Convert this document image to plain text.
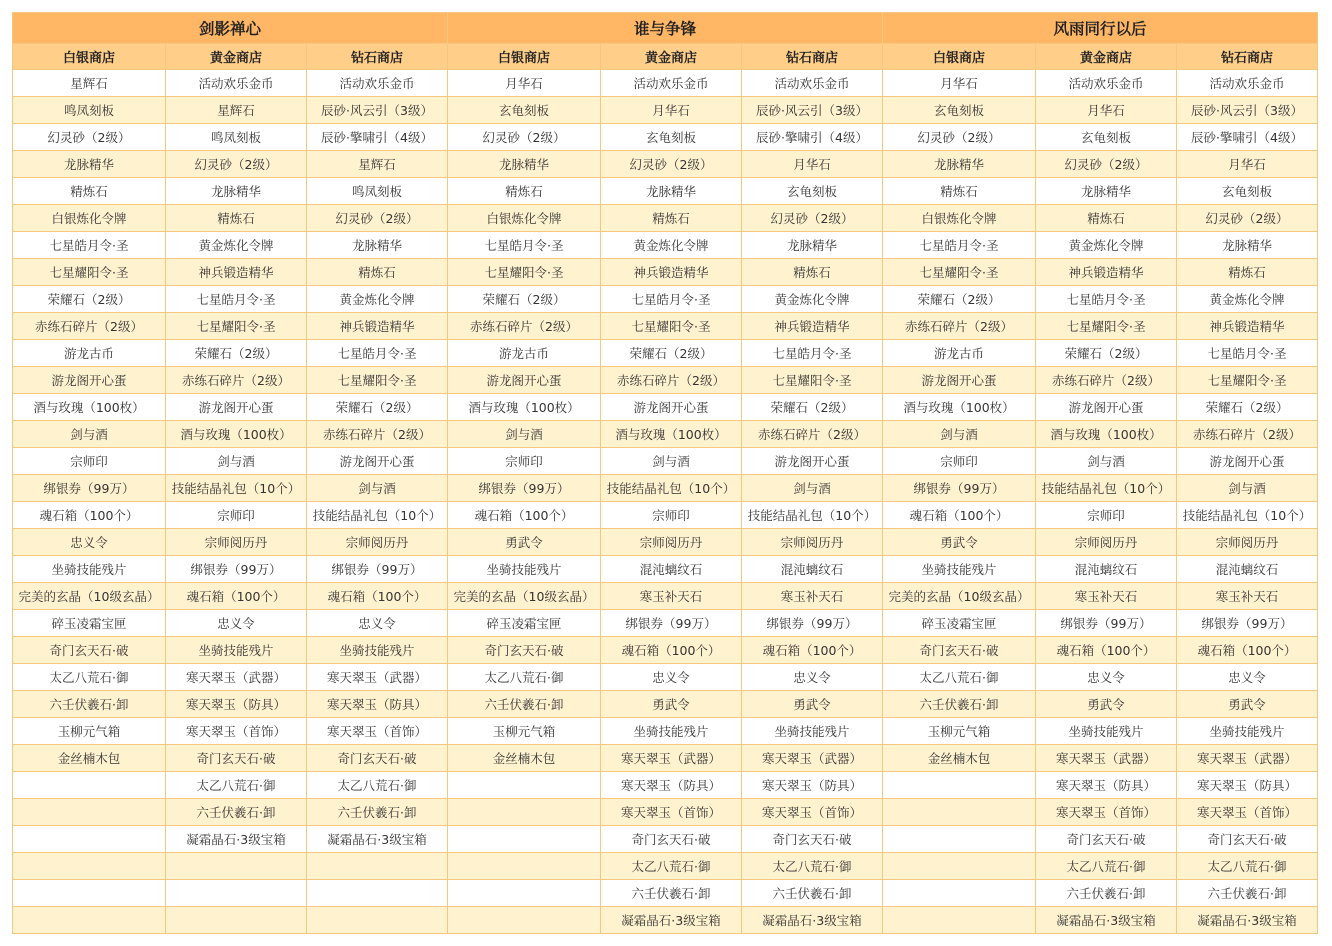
剑影禅心			谁与争锋			风雨同行以后		
白银商店	黄金商店	钻石商店	白银商店	黄金商店	钻石商店	白银商店	黄金商店	钻石商店
星辉石	活动欢乐金币	活动欢乐金币	月华石	活动欢乐金币	活动欢乐金币	月华石	活动欢乐金币	活动欢乐金币
鸣凤刻板	星辉石	辰砂·风云引（3级）	玄龟刻板	月华石	辰砂·风云引（3级）	玄龟刻板	月华石	辰砂·风云引（3级）
幻灵砂（2级）	鸣凤刻板	辰砂·擎啸引（4级）	幻灵砂（2级）	玄龟刻板	辰砂·擎啸引（4级）	幻灵砂（2级）	玄龟刻板	辰砂·擎啸引（4级）
龙脉精华	幻灵砂（2级）	星辉石	龙脉精华	幻灵砂（2级）	月华石	龙脉精华	幻灵砂（2级）	月华石
精炼石	龙脉精华	鸣凤刻板	精炼石	龙脉精华	玄龟刻板	精炼石	龙脉精华	玄龟刻板
白银炼化令牌	精炼石	幻灵砂（2级）	白银炼化令牌	精炼石	幻灵砂（2级）	白银炼化令牌	精炼石	幻灵砂（2级）
七星皓月令·圣	黄金炼化令牌	龙脉精华	七星皓月令·圣	黄金炼化令牌	龙脉精华	七星皓月令·圣	黄金炼化令牌	龙脉精华
七星耀阳令·圣	神兵锻造精华	精炼石	七星耀阳令·圣	神兵锻造精华	精炼石	七星耀阳令·圣	神兵锻造精华	精炼石
荣耀石（2级）	七星皓月令·圣	黄金炼化令牌	荣耀石（2级）	七星皓月令·圣	黄金炼化令牌	荣耀石（2级）	七星皓月令·圣	黄金炼化令牌
赤练石碎片（2级）	七星耀阳令·圣	神兵锻造精华	赤练石碎片（2级）	七星耀阳令·圣	神兵锻造精华	赤练石碎片（2级）	七星耀阳令·圣	神兵锻造精华
游龙古币	荣耀石（2级）	七星皓月令·圣	游龙古币	荣耀石（2级）	七星皓月令·圣	游龙古币	荣耀石（2级）	七星皓月令·圣
游龙阁开心蛋	赤练石碎片（2级）	七星耀阳令·圣	游龙阁开心蛋	赤练石碎片（2级）	七星耀阳令·圣	游龙阁开心蛋	赤练石碎片（2级）	七星耀阳令·圣
酒与玫瑰（100枚）	游龙阁开心蛋	荣耀石（2级）	酒与玫瑰（100枚）	游龙阁开心蛋	荣耀石（2级）	酒与玫瑰（100枚）	游龙阁开心蛋	荣耀石（2级）
剑与酒	酒与玫瑰（100枚）	赤练石碎片（2级）	剑与酒	酒与玫瑰（100枚）	赤练石碎片（2级）	剑与酒	酒与玫瑰（100枚）	赤练石碎片（2级）
宗师印	剑与酒	游龙阁开心蛋	宗师印	剑与酒	游龙阁开心蛋	宗师印	剑与酒	游龙阁开心蛋
绑银券（99万）	技能结晶礼包（10个）	剑与酒	绑银券（99万）	技能结晶礼包（10个）	剑与酒	绑银券（99万）	技能结晶礼包（10个）	剑与酒
魂石箱（100个）	宗师印	技能结晶礼包（10个）	魂石箱（100个）	宗师印	技能结晶礼包（10个）	魂石箱（100个）	宗师印	技能结晶礼包（10个）
忠义令	宗师阅历丹	宗师阅历丹	勇武令	宗师阅历丹	宗师阅历丹	勇武令	宗师阅历丹	宗师阅历丹
坐骑技能残片	绑银券（99万）	绑银券（99万）	坐骑技能残片	混沌螭纹石	混沌螭纹石	坐骑技能残片	混沌螭纹石	混沌螭纹石
完美的玄晶（10级玄晶）	魂石箱（100个）	魂石箱（100个）	完美的玄晶（10级玄晶）	寒玉补天石	寒玉补天石	完美的玄晶（10级玄晶）	寒玉补天石	寒玉补天石
碎玉凌霜宝匣	忠义令	忠义令	碎玉凌霜宝匣	绑银券（99万）	绑银券（99万）	碎玉凌霜宝匣	绑银券（99万）	绑银券（99万）
奇门玄天石·破	坐骑技能残片	坐骑技能残片	奇门玄天石·破	魂石箱（100个）	魂石箱（100个）	奇门玄天石·破	魂石箱（100个）	魂石箱（100个）
太乙八荒石·御	寒天翠玉（武器）	寒天翠玉（武器）	太乙八荒石·御	忠义令	忠义令	太乙八荒石·御	忠义令	忠义令
六壬伏羲石·卸	寒天翠玉（防具）	寒天翠玉（防具）	六壬伏羲石·卸	勇武令	勇武令	六壬伏羲石·卸	勇武令	勇武令
玉柳元气箱	寒天翠玉（首饰）	寒天翠玉（首饰）	玉柳元气箱	坐骑技能残片	坐骑技能残片	玉柳元气箱	坐骑技能残片	坐骑技能残片
金丝楠木包	奇门玄天石·破	奇门玄天石·破	金丝楠木包	寒天翠玉（武器）	寒天翠玉（武器）	金丝楠木包	寒天翠玉（武器）	寒天翠玉（武器）
	太乙八荒石·御	太乙八荒石·御		寒天翠玉（防具）	寒天翠玉（防具）		寒天翠玉（防具）	寒天翠玉（防具）
	六壬伏羲石·卸	六壬伏羲石·卸		寒天翠玉（首饰）	寒天翠玉（首饰）		寒天翠玉（首饰）	寒天翠玉（首饰）
	凝霜晶石·3级宝箱	凝霜晶石·3级宝箱		奇门玄天石·破	奇门玄天石·破		奇门玄天石·破	奇门玄天石·破
				太乙八荒石·御	太乙八荒石·御		太乙八荒石·御	太乙八荒石·御
				六壬伏羲石·卸	六壬伏羲石·卸		六壬伏羲石·卸	六壬伏羲石·卸
				凝霜晶石·3级宝箱	凝霜晶石·3级宝箱		凝霜晶石·3级宝箱	凝霜晶石·3级宝箱
